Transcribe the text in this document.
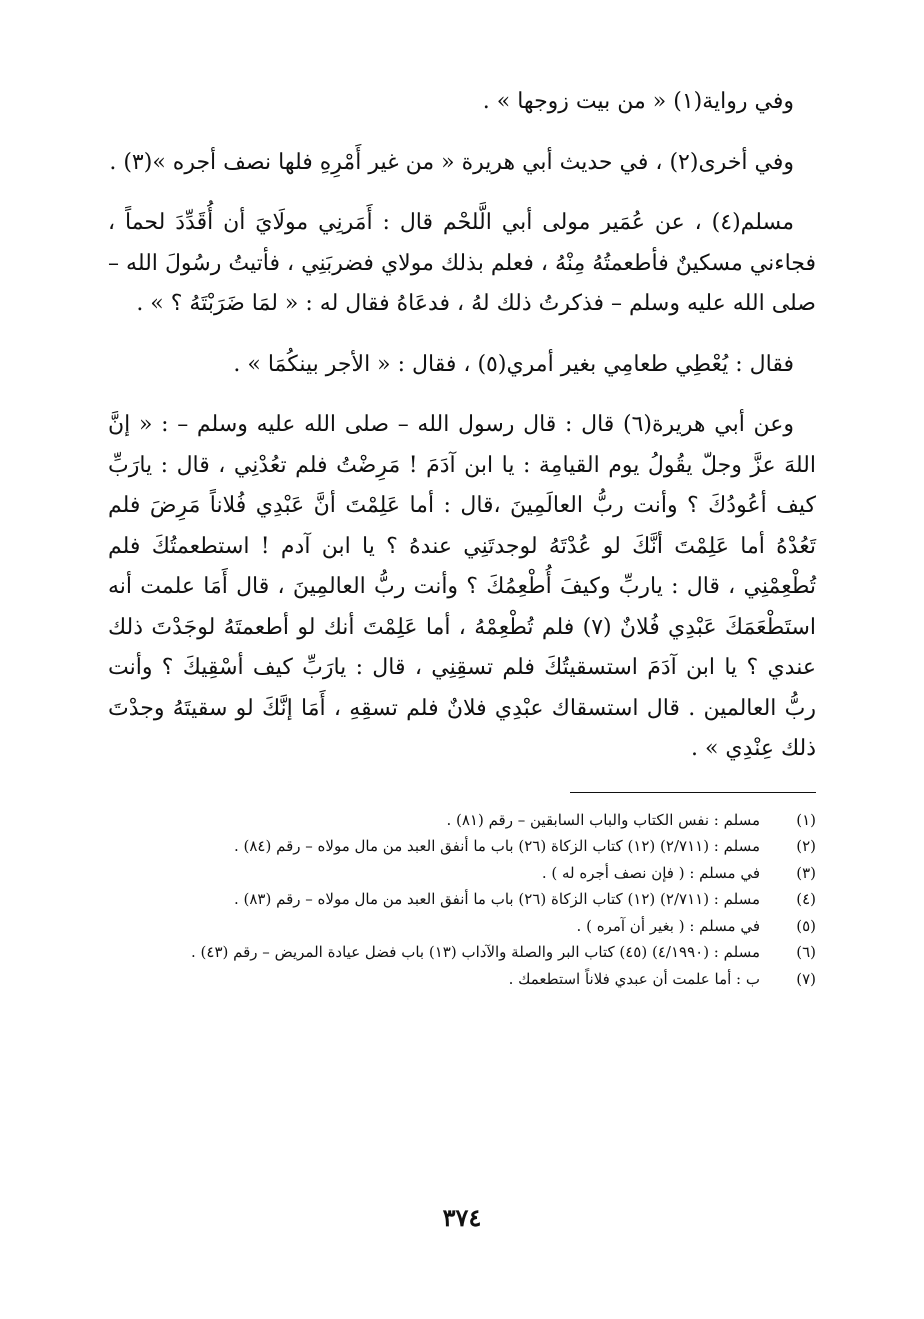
وفي رواية(١) « من بيت زوجها » .

وفي أخرى(٢) ، في حديث أبي هريرة « من غير أَمْرِهِ فلها نصف أجره »(٣) .

مسلم(٤) ، عن عُمَير مولى أبي الَّلحْم قال : أَمَرنِي مولَايَ أن أُقَدِّدَ لحماً ، فجاءني مسكينٌ فأطعمتُهُ مِنْهُ ، فعلم بذلك مولاي فضربَنِي ، فأتيتُ رسُولَ الله – صلى الله عليه وسلم – فذكرتُ ذلك لهُ ، فدعَاهُ فقال له : « لمَا ضَرَبْتَهُ ؟ » .

فقال : يُعْطِي طعامِي بغير أمري(٥) ، فقال : « الأجر بينكُمَا » .

وعن أبي هريرة(٦) قال : قال رسول الله – صلى الله عليه وسلم – : « إنَّ اللهَ عزَّ وجلّ يقُولُ يوم القيامِة : يا ابن آدَمَ ! مَرِضْتُ فلم تعُدْنِي ، قال : يارَبِّ كيف أعُودُكَ ؟ وأنت ربُّ العالَمِينَ ،قال : أما عَلِمْتَ أنَّ عَبْدِي فُلاناً مَرِضَ فلم تَعُدْهُ أما عَلِمْتَ أنَّكَ لو عُدْتَهُ لوجدتَنِي عندهُ ؟ يا ابن آدم ! استطعمتُكَ فلم تُطْعِمْنِي ، قال : ياربِّ وكيفَ أُطْعِمُكَ ؟ وأنت ربُّ العالمِينَ ، قال أَمَا علمت أنه استَطْعَمَكَ عَبْدِي فُلانٌ (٧) فلم تُطْعِمْهُ ، أما عَلِمْتَ أنك لو أطعمتَهُ لوجَدْتَ ذلك عندي ؟ يا ابن آدَمَ استسقيتُكَ فلم تسقِنِي ، قال : يارَبِّ كيف أسْقِيكَ ؟ وأنت ربُّ العالمين . قال استسقاك عبْدِي فلانٌ فلم تسقِهِ ، أَمَا إنَّكَ لو سقيتَهُ وجدْتَ ذلك عِنْدِي » .

(١)
مسلم : نفس الكتاب والباب السابقين – رقم (٨١) .
(٢)
مسلم : (٢/٧١١) (١٢) كتاب الزكاة (٢٦) باب ما أنفق العبد من مال مولاه – رقم (٨٤) .
(٣)
في مسلم : ( فإن نصف أجره له ) .
(٤)
مسلم : (٢/٧١١) (١٢) كتاب الزكاة (٢٦) باب ما أنفق العبد من مال مولاه – رقم (٨٣) .
(٥)
في مسلم : ( بغير أن آمره ) .
(٦)
مسلم : (٤/١٩٩٠) (٤٥) كتاب البر والصلة والآداب (١٣) باب فضل عيادة المريض – رقم (٤٣) .
(٧)
ب : أما علمت أن عبدي فلاناً استطعمك .
٣٧٤
